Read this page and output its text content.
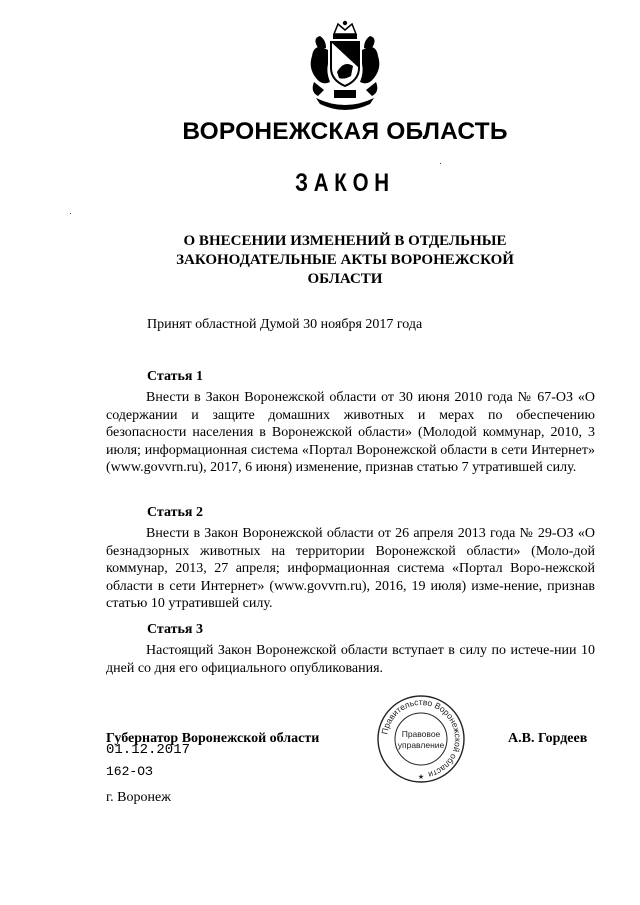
ВОРОНЕЖСКАЯ ОБЛАСТЬ
ЗАКОН
О ВНЕСЕНИИ ИЗМЕНЕНИЙ В ОТДЕЛЬНЫЕ
ЗАКОНОДАТЕЛЬНЫЕ АКТЫ ВОРОНЕЖСКОЙ
ОБЛАСТИ
Принят областной Думой 30 ноября 2017 года
Статья 1
Внести в Закон Воронежской области от 30 июня 2010 года № 67-ОЗ «О содержании и защите домашних животных и мерах по обеспечению безопасности населения в Воронежской области» (Молодой коммунар, 2010, 3 июля; информационная система «Портал Воронежской области в сети Интернет» (www.govvrn.ru), 2017, 6 июня) изменение, признав статью 7 утратившей силу.
Статья 2
Внести в Закон Воронежской области от 26 апреля 2013 года № 29-ОЗ «О безнадзорных животных на территории Воронежской области» (Моло-дой коммунар, 2013, 27 апреля; информационная система «Портал Воро-нежской области в сети Интернет» (www.govvrn.ru), 2016, 19 июля) изме-нение, признав статью 10 утратившей силу.
Статья 3
Настоящий Закон Воронежской области вступает в силу по истече-нии 10 дней со дня его официального опубликования.
Губернатор Воронежской области	А.В. Гордеев
01.12.2017
162-ОЗ
г. Воронеж
Правительство Воронежской области
Правовое
управление
★
